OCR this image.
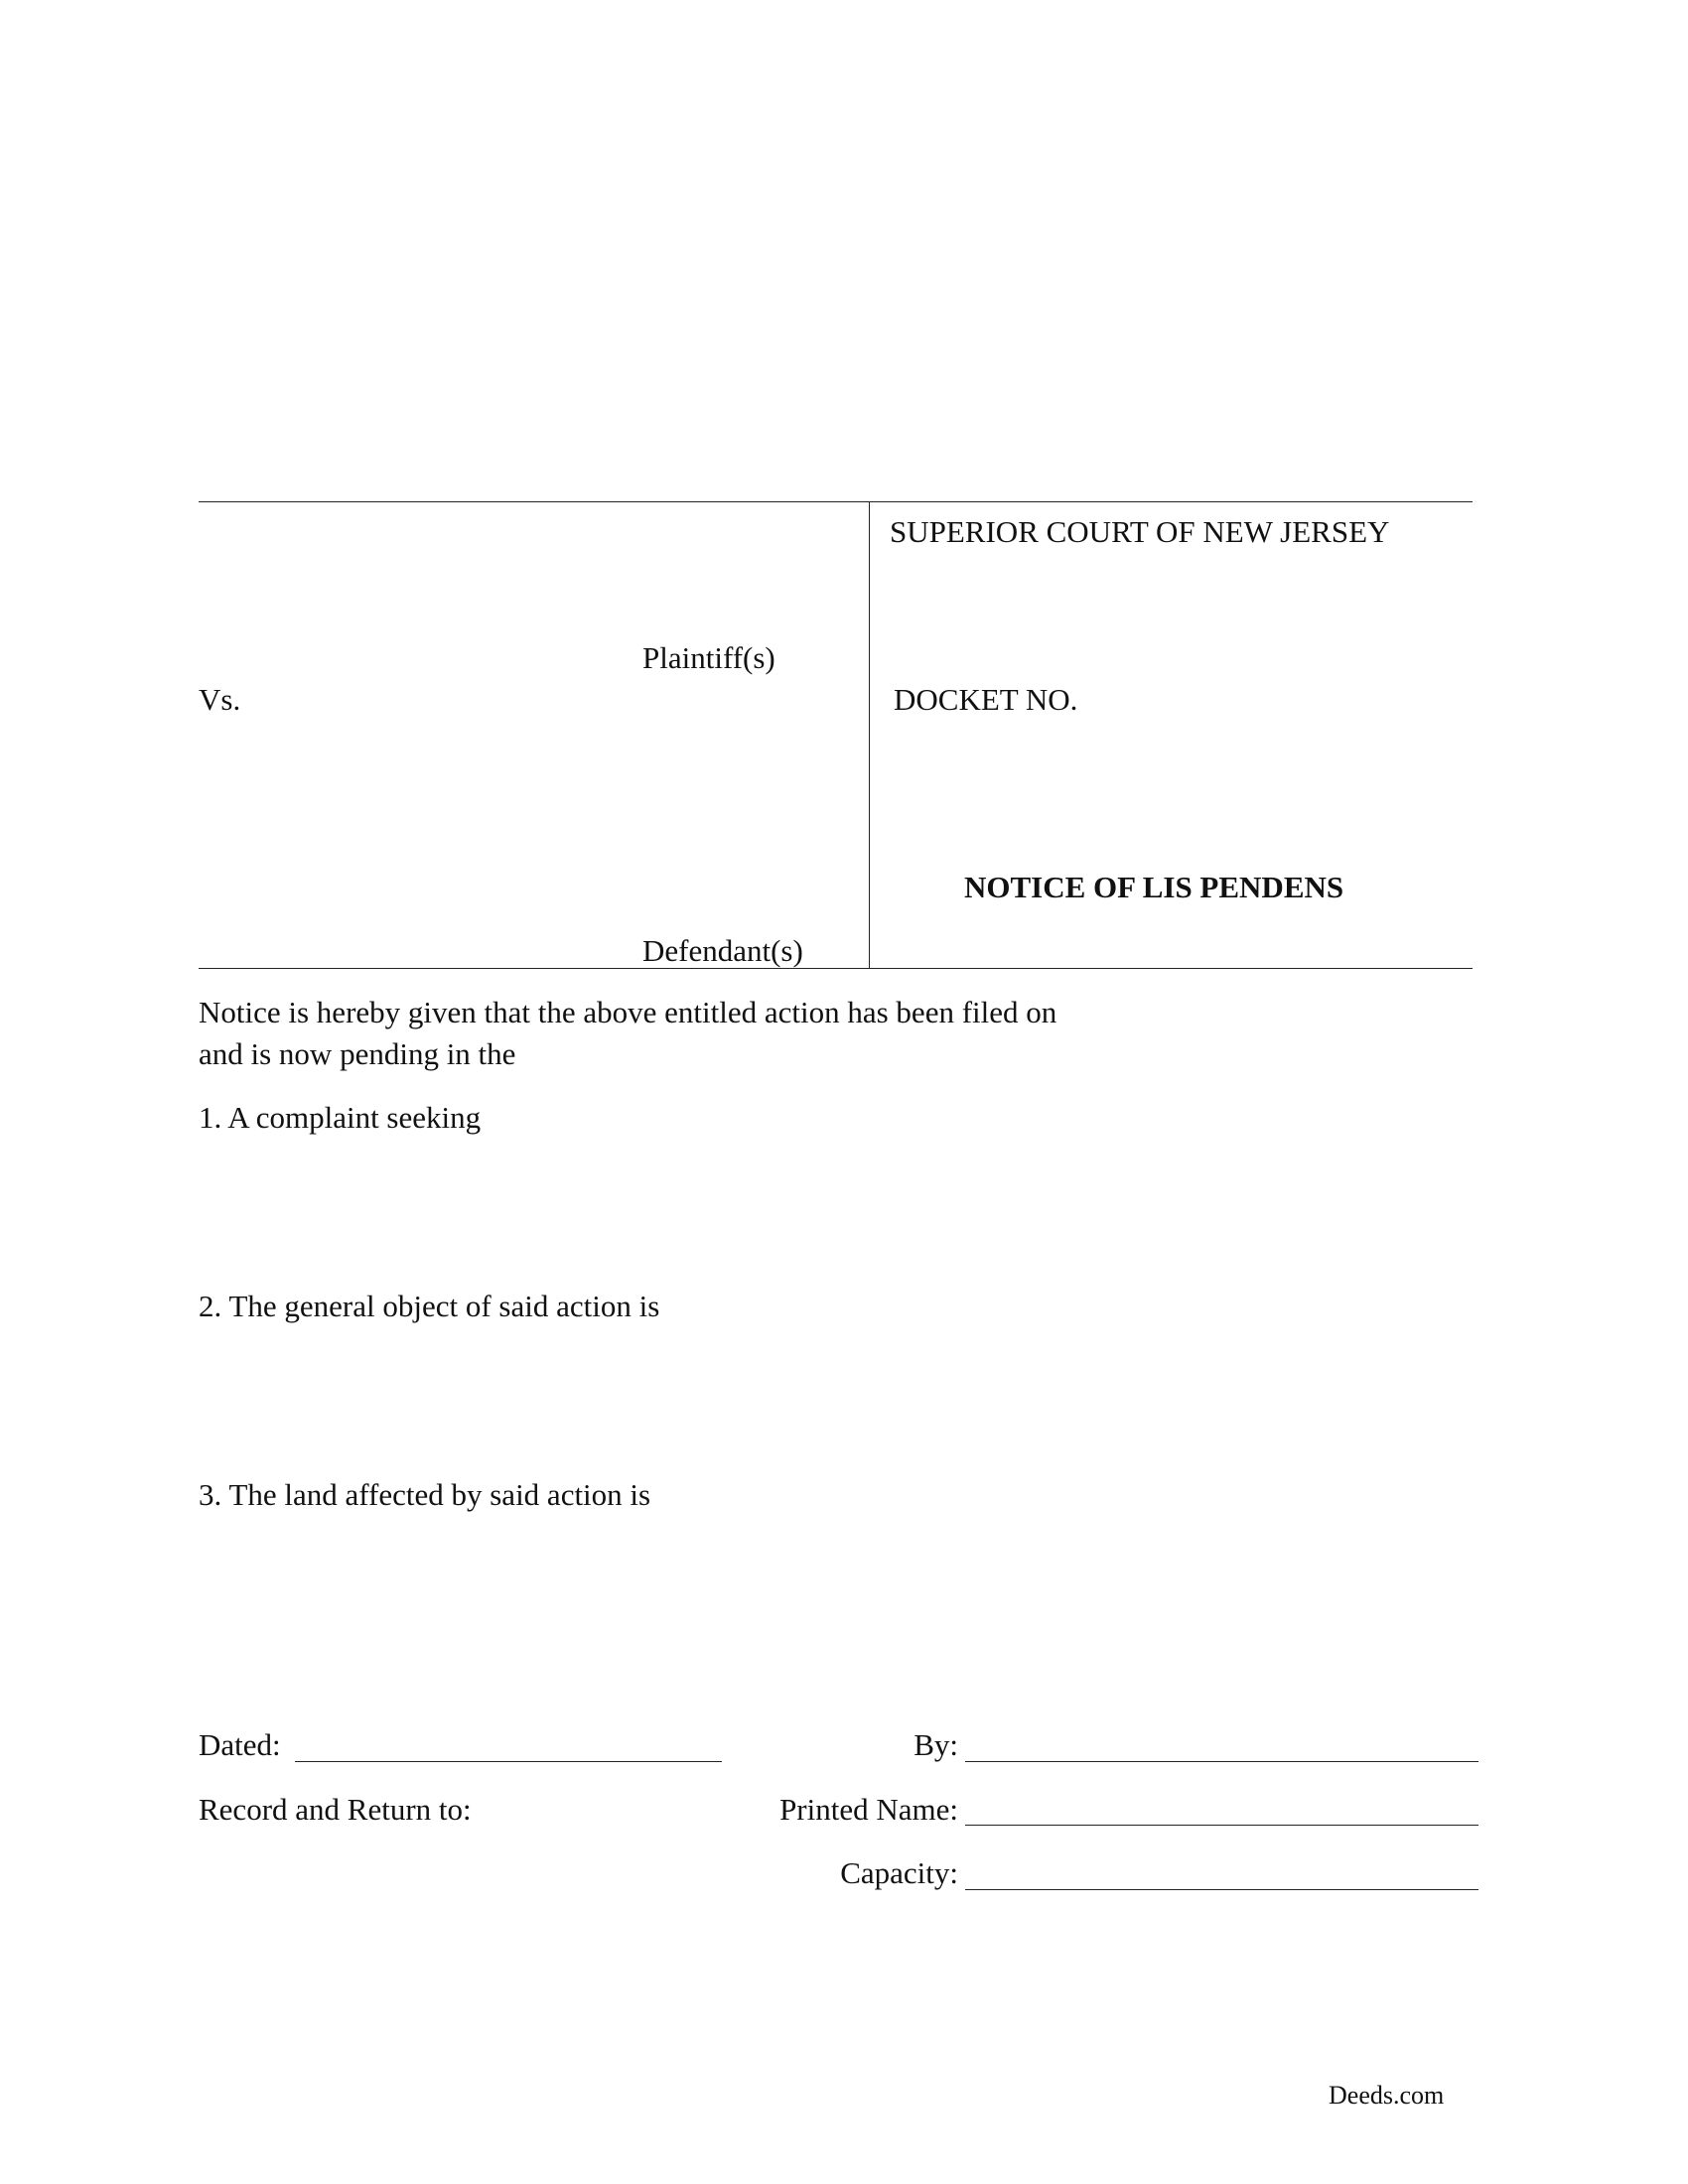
SUPERIOR COURT OF NEW JERSEY
Plaintiff(s)
Vs.	DOCKET NO.
NOTICE OF LIS PENDENS
Defendant(s)
Notice is hereby given that the above entitled action has been filed on
and is now pending in the
1. A complaint seeking
2. The general object of said action is
3. The land affected by said action is
Dated:	By:
Record and Return to:	Printed Name:
Capacity:
Deeds.com
